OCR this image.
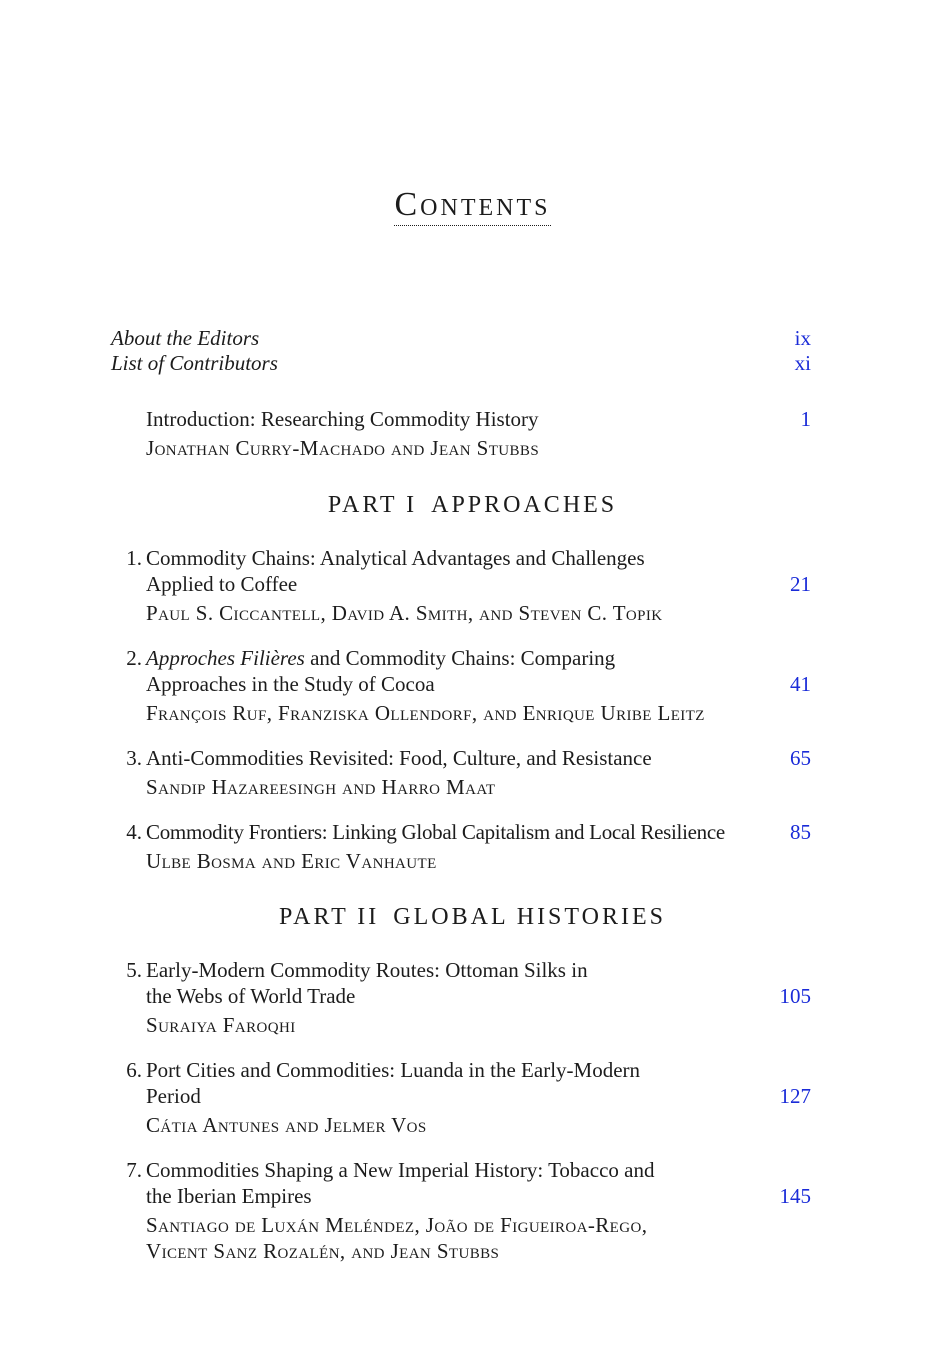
Contents
About the Editors	ix
List of Contributors	xi
Introduction: Researching Commodity History	1
Jonathan Curry-Machado and Jean Stubbs
PART I APPROACHES
1. Commodity Chains: Analytical Advantages and Challenges
Applied to Coffee	21
Paul S. Ciccantell, David A. Smith, and Steven C. Topik
2. Approches Filières and Commodity Chains: Comparing
Approaches in the Study of Cocoa	41
François Ruf, Franziska Ollendorf, and Enrique Uribe Leitz
3. Anti-Commodities Revisited: Food, Culture, and Resistance	65
Sandip Hazareesingh and Harro Maat
4. Commodity Frontiers: Linking Global Capitalism and Local Resilience	85
Ulbe Bosma and Eric Vanhaute
PART II GLOBAL HISTORIES
5. Early-Modern Commodity Routes: Ottoman Silks in
the Webs of World Trade	105
Suraiya Faroqhi
6. Port Cities and Commodities: Luanda in the Early-Modern
Period	127
Cátia Antunes and Jelmer Vos
7. Commodities Shaping a New Imperial History: Tobacco and
the Iberian Empires	145
Santiago de Luxán Meléndez, João de Figueiroa-Rego,
Vicent Sanz Rozalén, and Jean Stubbs
